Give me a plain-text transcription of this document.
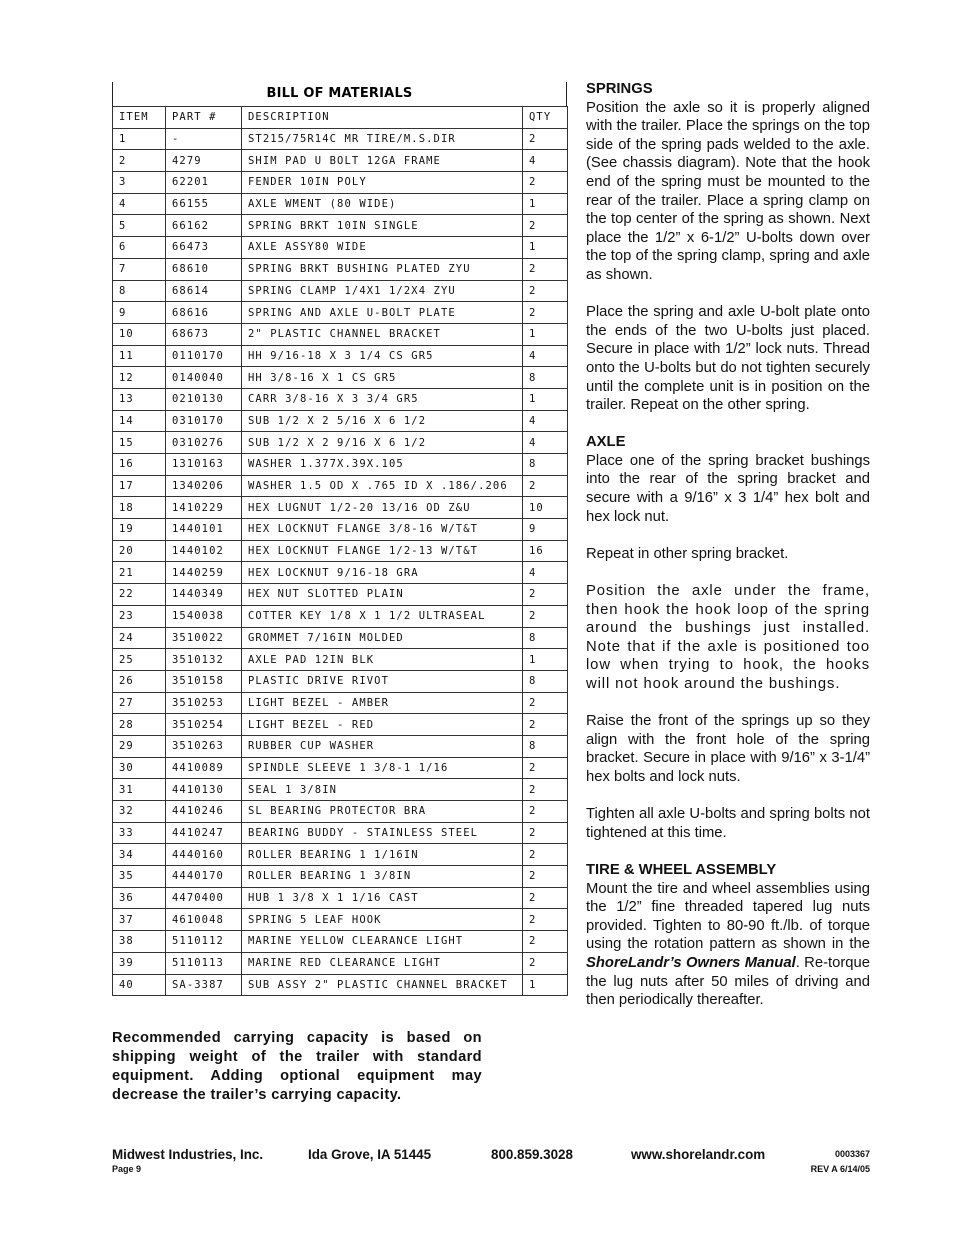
BILL OF MATERIALS
ITEM	PART #	DESCRIPTION	QTY
1	-	ST215/75R14C MR TIRE/M.S.DIR	2
2	4279	SHIM PAD U BOLT 12GA FRAME	4
3	62201	FENDER 10IN POLY	2
4	66155	AXLE WMENT (80 WIDE)	1
5	66162	SPRING BRKT 10IN SINGLE	2
6	66473	AXLE ASSY80 WIDE	1
7	68610	SPRING BRKT BUSHING PLATED ZYU	2
8	68614	SPRING CLAMP 1/4X1 1/2X4 ZYU	2
9	68616	SPRING AND AXLE U-BOLT PLATE	2
10	68673	2" PLASTIC CHANNEL BRACKET	1
11	0110170	HH 9/16-18 X 3 1/4 CS GR5	4
12	0140040	HH 3/8-16 X 1 CS GR5	8
13	0210130	CARR 3/8-16 X 3 3/4 GR5	1
14	0310170	SUB 1/2 X 2 5/16 X 6 1/2	4
15	0310276	SUB 1/2 X 2 9/16 X 6 1/2	4
16	1310163	WASHER 1.377X.39X.105	8
17	1340206	WASHER 1.5 OD X .765 ID X .186/.206	2
18	1410229	HEX LUGNUT 1/2-20 13/16 OD Z&U	10
19	1440101	HEX LOCKNUT FLANGE 3/8-16 W/T&T	9
20	1440102	HEX LOCKNUT FLANGE 1/2-13 W/T&T	16
21	1440259	HEX LOCKNUT 9/16-18 GRA	4
22	1440349	HEX NUT SLOTTED PLAIN	2
23	1540038	COTTER KEY 1/8 X 1 1/2 ULTRASEAL	2
24	3510022	GROMMET 7/16IN MOLDED	8
25	3510132	AXLE PAD 12IN BLK	1
26	3510158	PLASTIC DRIVE RIVOT	8
27	3510253	LIGHT BEZEL - AMBER	2
28	3510254	LIGHT BEZEL - RED	2
29	3510263	RUBBER CUP WASHER	8
30	4410089	SPINDLE SLEEVE 1 3/8-1 1/16	2
31	4410130	SEAL 1 3/8IN	2
32	4410246	SL BEARING PROTECTOR BRA	2
33	4410247	BEARING BUDDY - STAINLESS STEEL	2
34	4440160	ROLLER BEARING 1 1/16IN	2
35	4440170	ROLLER BEARING 1 3/8IN	2
36	4470400	HUB 1 3/8 X 1 1/16 CAST	2
37	4610048	SPRING 5 LEAF HOOK	2
38	5110112	MARINE YELLOW CLEARANCE LIGHT	2
39	5110113	MARINE RED CLEARANCE LIGHT	2
40	SA-3387	SUB ASSY 2" PLASTIC CHANNEL BRACKET	1

Recommended carrying capacity is based on shipping weight of the trailer with standard equipment. Adding optional equipment may decrease the trailer’s carrying capacity.

SPRINGS

Position the axle so it is properly aligned with the trailer. Place the springs on the top side of the spring pads welded to the axle. (See chassis diagram). Note that the hook end of the spring must be mounted to the rear of the trailer. Place a spring clamp on the top center of the spring as shown. Next place the 1/2” x 6-1/2” U-bolts down over the top of the spring clamp, spring and axle as shown.

Place the spring and axle U-bolt plate onto the ends of the two U-bolts just placed. Secure in place with 1/2” lock nuts. Thread onto the U-bolts but do not tighten securely until the complete unit is in position on the trailer. Repeat on the other spring.

AXLE

Place one of the spring bracket bushings into the rear of the spring bracket and secure with a 9/16” x 3 1/4” hex bolt and hex lock nut.

Repeat in other spring bracket.

Position the axle under the frame, then hook the hook loop of the spring around the bushings just installed. Note that if the axle is positioned too low when trying to hook, the hooks will not hook around the bushings.

Raise the front of the springs up so they align with the front hole of the spring bracket. Secure in place with 9/16” x 3-1/4” hex bolts and lock nuts.

Tighten all axle U-bolts and spring bolts not tightened at this time.

TIRE & WHEEL ASSEMBLY

Mount the tire and wheel assemblies using the 1/2” fine threaded tapered lug nuts provided. Tighten to 80-90 ft./lb. of torque using the rotation pattern as shown in the ShoreLandr’s Owners Manual. Re-torque the lug nuts after 50 miles of driving and then periodically thereafter.

Midwest Industries, Inc.	Ida Grove, IA 51445	800.859.3028	www.shorelandr.com	0003367
Page 9	REV A 6/14/05
